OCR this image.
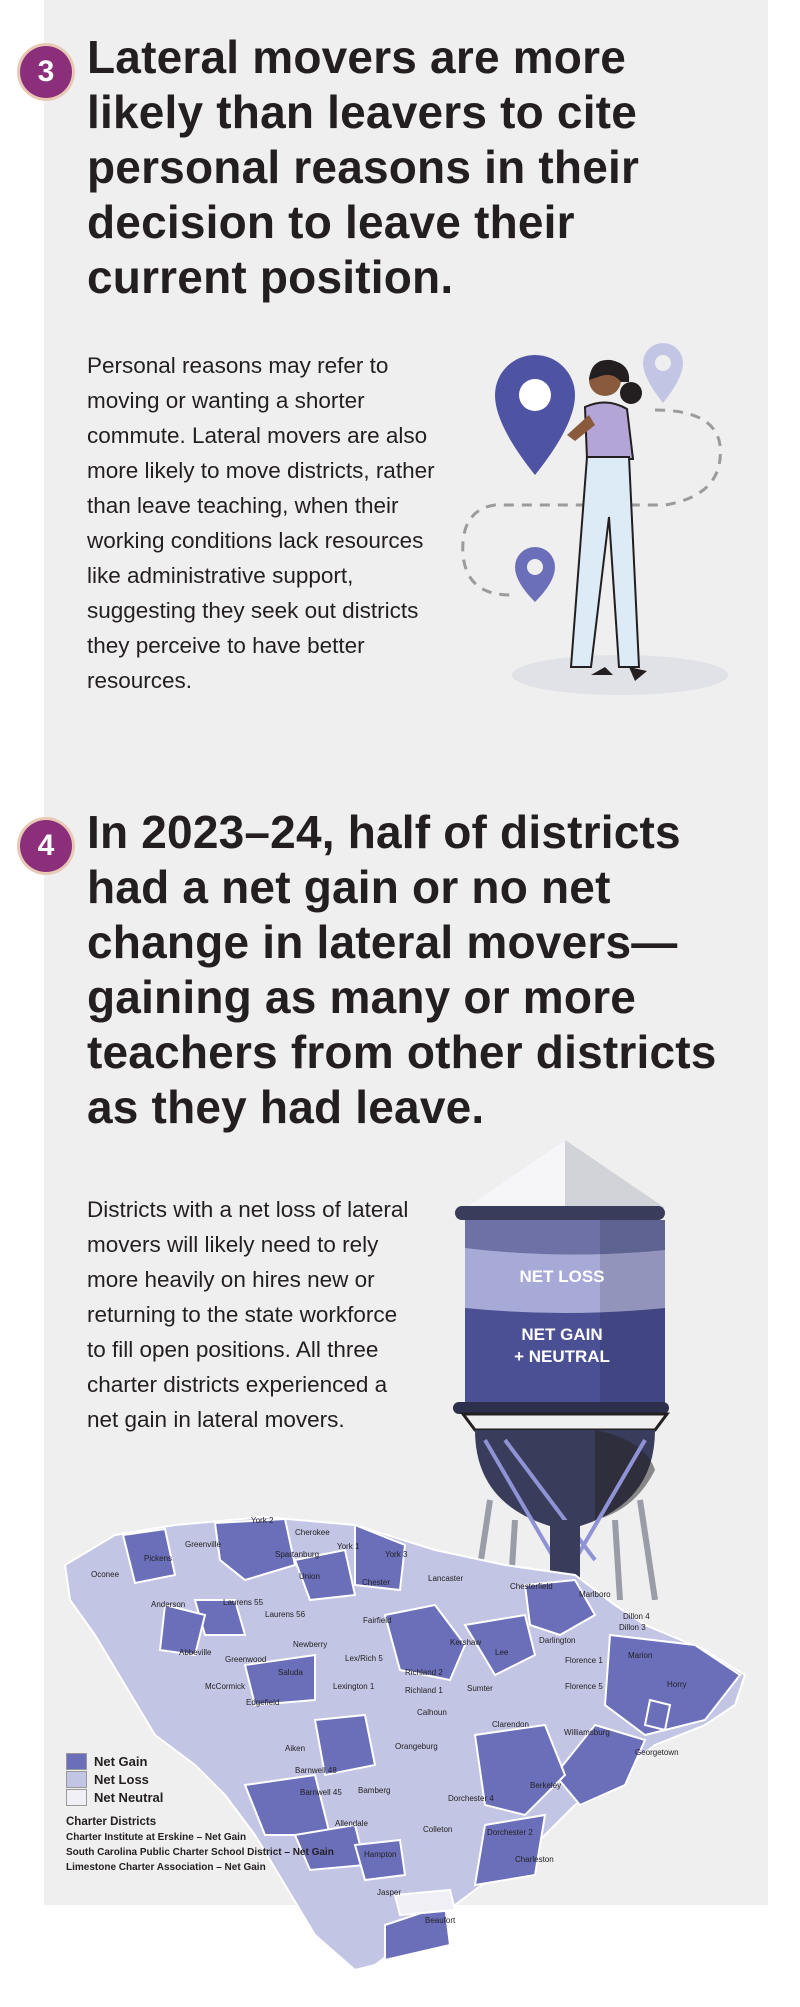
3 Lateral movers are more likely than leavers to cite personal reasons in their decision to leave their current position.

Personal reasons may refer to moving or wanting a shorter commute. Lateral movers are also more likely to move districts, rather than leave teaching, when their working conditions lack resources like administrative support, suggesting they seek out districts they perceive to have better resources.

4 In 2023–24, half of districts had a net gain or no net change in lateral movers—gaining as many or more teachers from other districts as they had leave.

Districts with a net loss of lateral movers will likely need to rely more heavily on hires new or returning to the state workforce to fill open positions. All three charter districts experienced a net gain in lateral movers.

NET LOSS
NET GAIN
+ NEUTRAL
York 2
Cherokee
York 1
York 3
Greenville
Spartanburg
Pickens
Oconee
Anderson
Union
Chester	Lancaster
Chesterfield
Marlboro
Dillon 4
Dillon 3
Laurens 55
Laurens 56
Fairfield
Kershaw	Darlington
Marion
Horry
Abbeville
Greenwood
Newberry
Lex/Rich 5
Lee
Florence 1
Saluda	Richland 2
McCormick
Edgefield
Lexington 1	Richland 1	Sumter	Florence 5
Calhoun
Clarendon
Williamsburg
Aiken	Orangeburg
Georgetown
Barnwell 48
Barnwell 45 Bamberg
Berkeley
Dorchester 4
Allendale
Colleton	Dorchester 2
Hampton
Charleston
Jasper
Beaufort
Net Gain
Net Loss
Net Neutral
Charter Districts
Charter Institute at Erskine – Net Gain
South Carolina Public Charter School District – Net Gain
Limestone Charter Association – Net Gain
